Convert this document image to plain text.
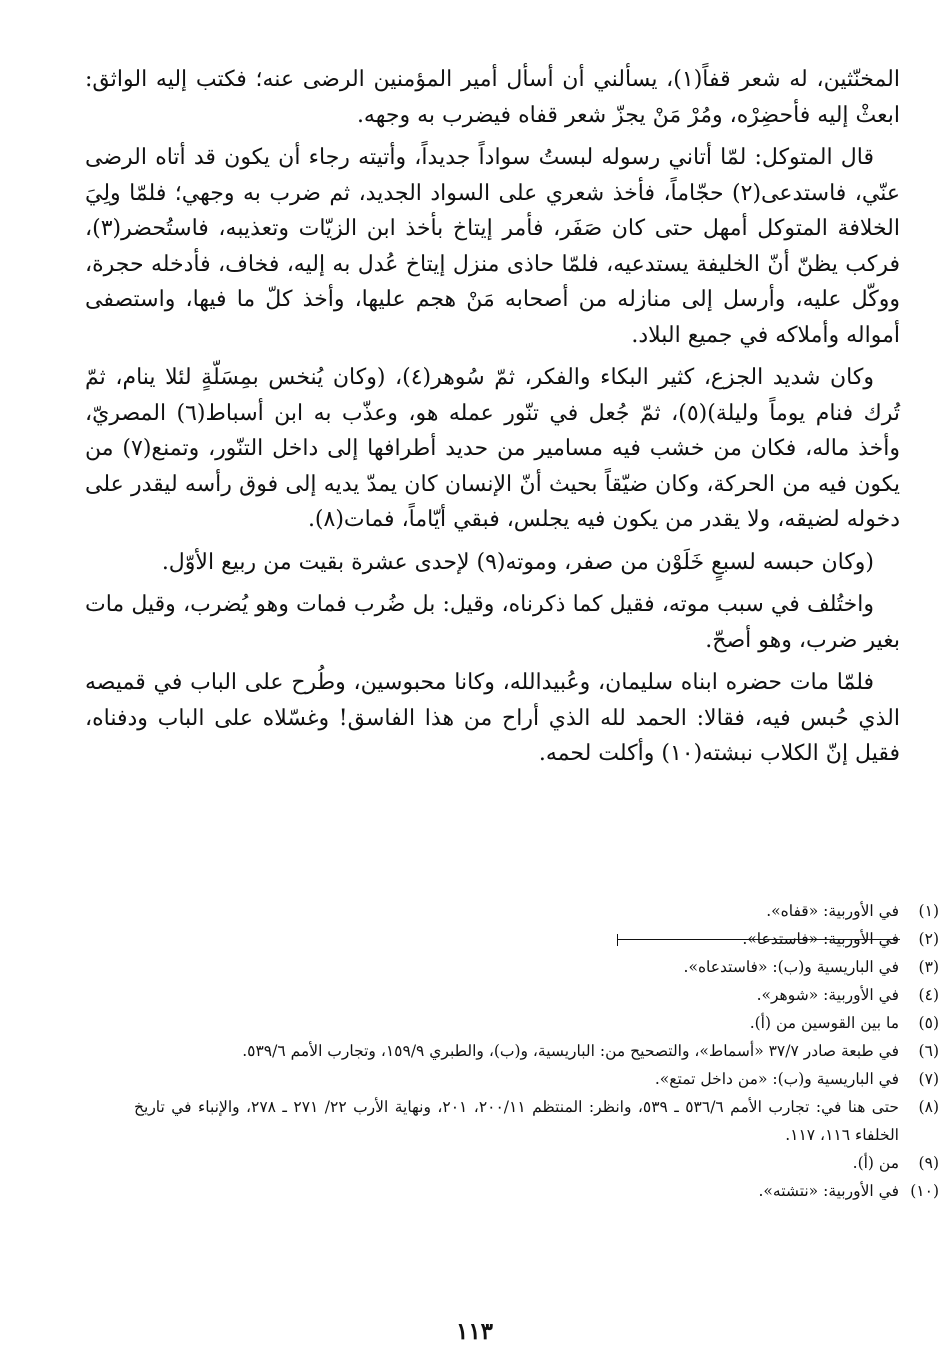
المخنّثين، له شعر قفاً(١)، يسألني أن أسأل أمير المؤمنين الرضى عنه؛ فكتب إليه الواثق: ابعثْ إليه فأحضِرْه، ومُرْ مَنْ يجزّ شعر قفاه فيضرب به وجهه.

قال المتوكل: لمّا أتاني رسوله لبستُ سواداً جديداً، وأتيته رجاء أن يكون قد أتاه الرضى عنّي، فاستدعى(٢) حجّاماً، فأخذ شعري على السواد الجديد، ثم ضرب به وجهي؛ فلمّا ولِيَ الخلافة المتوكل أمهل حتى كان صَفَر، فأمر إيتاخ بأخذ ابن الزيّات وتعذيبه، فاستُحضر(٣)، فركب يظنّ أنّ الخليفة يستدعيه، فلمّا حاذى منزل إيتاخ عُدل به إليه، فخاف، فأدخله حجرة، ووكّل عليه، وأرسل إلى منازله من أصحابه مَنْ هجم عليها، وأخذ كلّ ما فيها، واستصفى أمواله وأملاكه في جميع البلاد.

وكان شديد الجزع، كثير البكاء والفكر، ثمّ سُوهر(٤)، (وكان يُنخس بمِسَلّةٍ لئلا ينام، ثمّ تُرك فنام يوماً وليلة)(٥)، ثمّ جُعل في تنّور عمله هو، وعذّب به ابن أسباط(٦) المصريّ، وأخذ ماله، فكان من خشب فيه مسامير من حديد أطرافها إلى داخل التنّور، وتمنع(٧) من يكون فيه من الحركة، وكان ضيّقاً بحيث أنّ الإنسان كان يمدّ يديه إلى فوق رأسه ليقدر على دخوله لضيقه، ولا يقدر من يكون فيه يجلس، فبقي أيّاماً، فمات(٨).

(وكان حبسه لسبعٍ خَلَوْن من صفر، وموته(٩) لإحدى عشرة بقيت من ربيع الأوّل.

واختُلف في سبب موته، فقيل كما ذكرناه، وقيل: بل ضُرب فمات وهو يُضرب، وقيل مات بغير ضرب، وهو أصحّ.

فلمّا مات حضره ابناه سليمان، وعُبيدالله، وكانا محبوسين، وطُرح على الباب في قميصه الذي حُبس فيه، فقالا: الحمد لله الذي أراح من هذا الفاسق! وغسّلاه على الباب ودفناه، فقيل إنّ الكلاب نبشته(١٠) وأكلت لحمه.

(١)
في الأوربية: «قفاه».
(٢)
في الأوربية: «فاستدعا».
(٣)
في الباريسية و(ب): «فاستدعاه».
(٤)
في الأوربية: «شوهر».
(٥)
ما بين القوسين من (أ).
(٦)
في طبعة صادر ٣٧/٧ «أسماط»، والتصحيح من: الباريسية، و(ب)، والطبري ١٥٩/٩، وتجارب الأمم ٥٣٩/٦.
(٧)
في الباريسية و(ب): «من داخل تمتع».
(٨)
حتى هنا في: تجارب الأمم ٥٣٦/٦ ـ ٥٣٩، وانظر: المنتظم ٢٠٠/١١، ٢٠١، ونهاية الأرب ٢٢/ ٢٧١ ـ ٢٧٨، والإنباء في تاريخ الخلفاء ١١٦، ١١٧.
(٩)
من (أ).
(١٠)
في الأوربية: «نتشته».
١١٣
